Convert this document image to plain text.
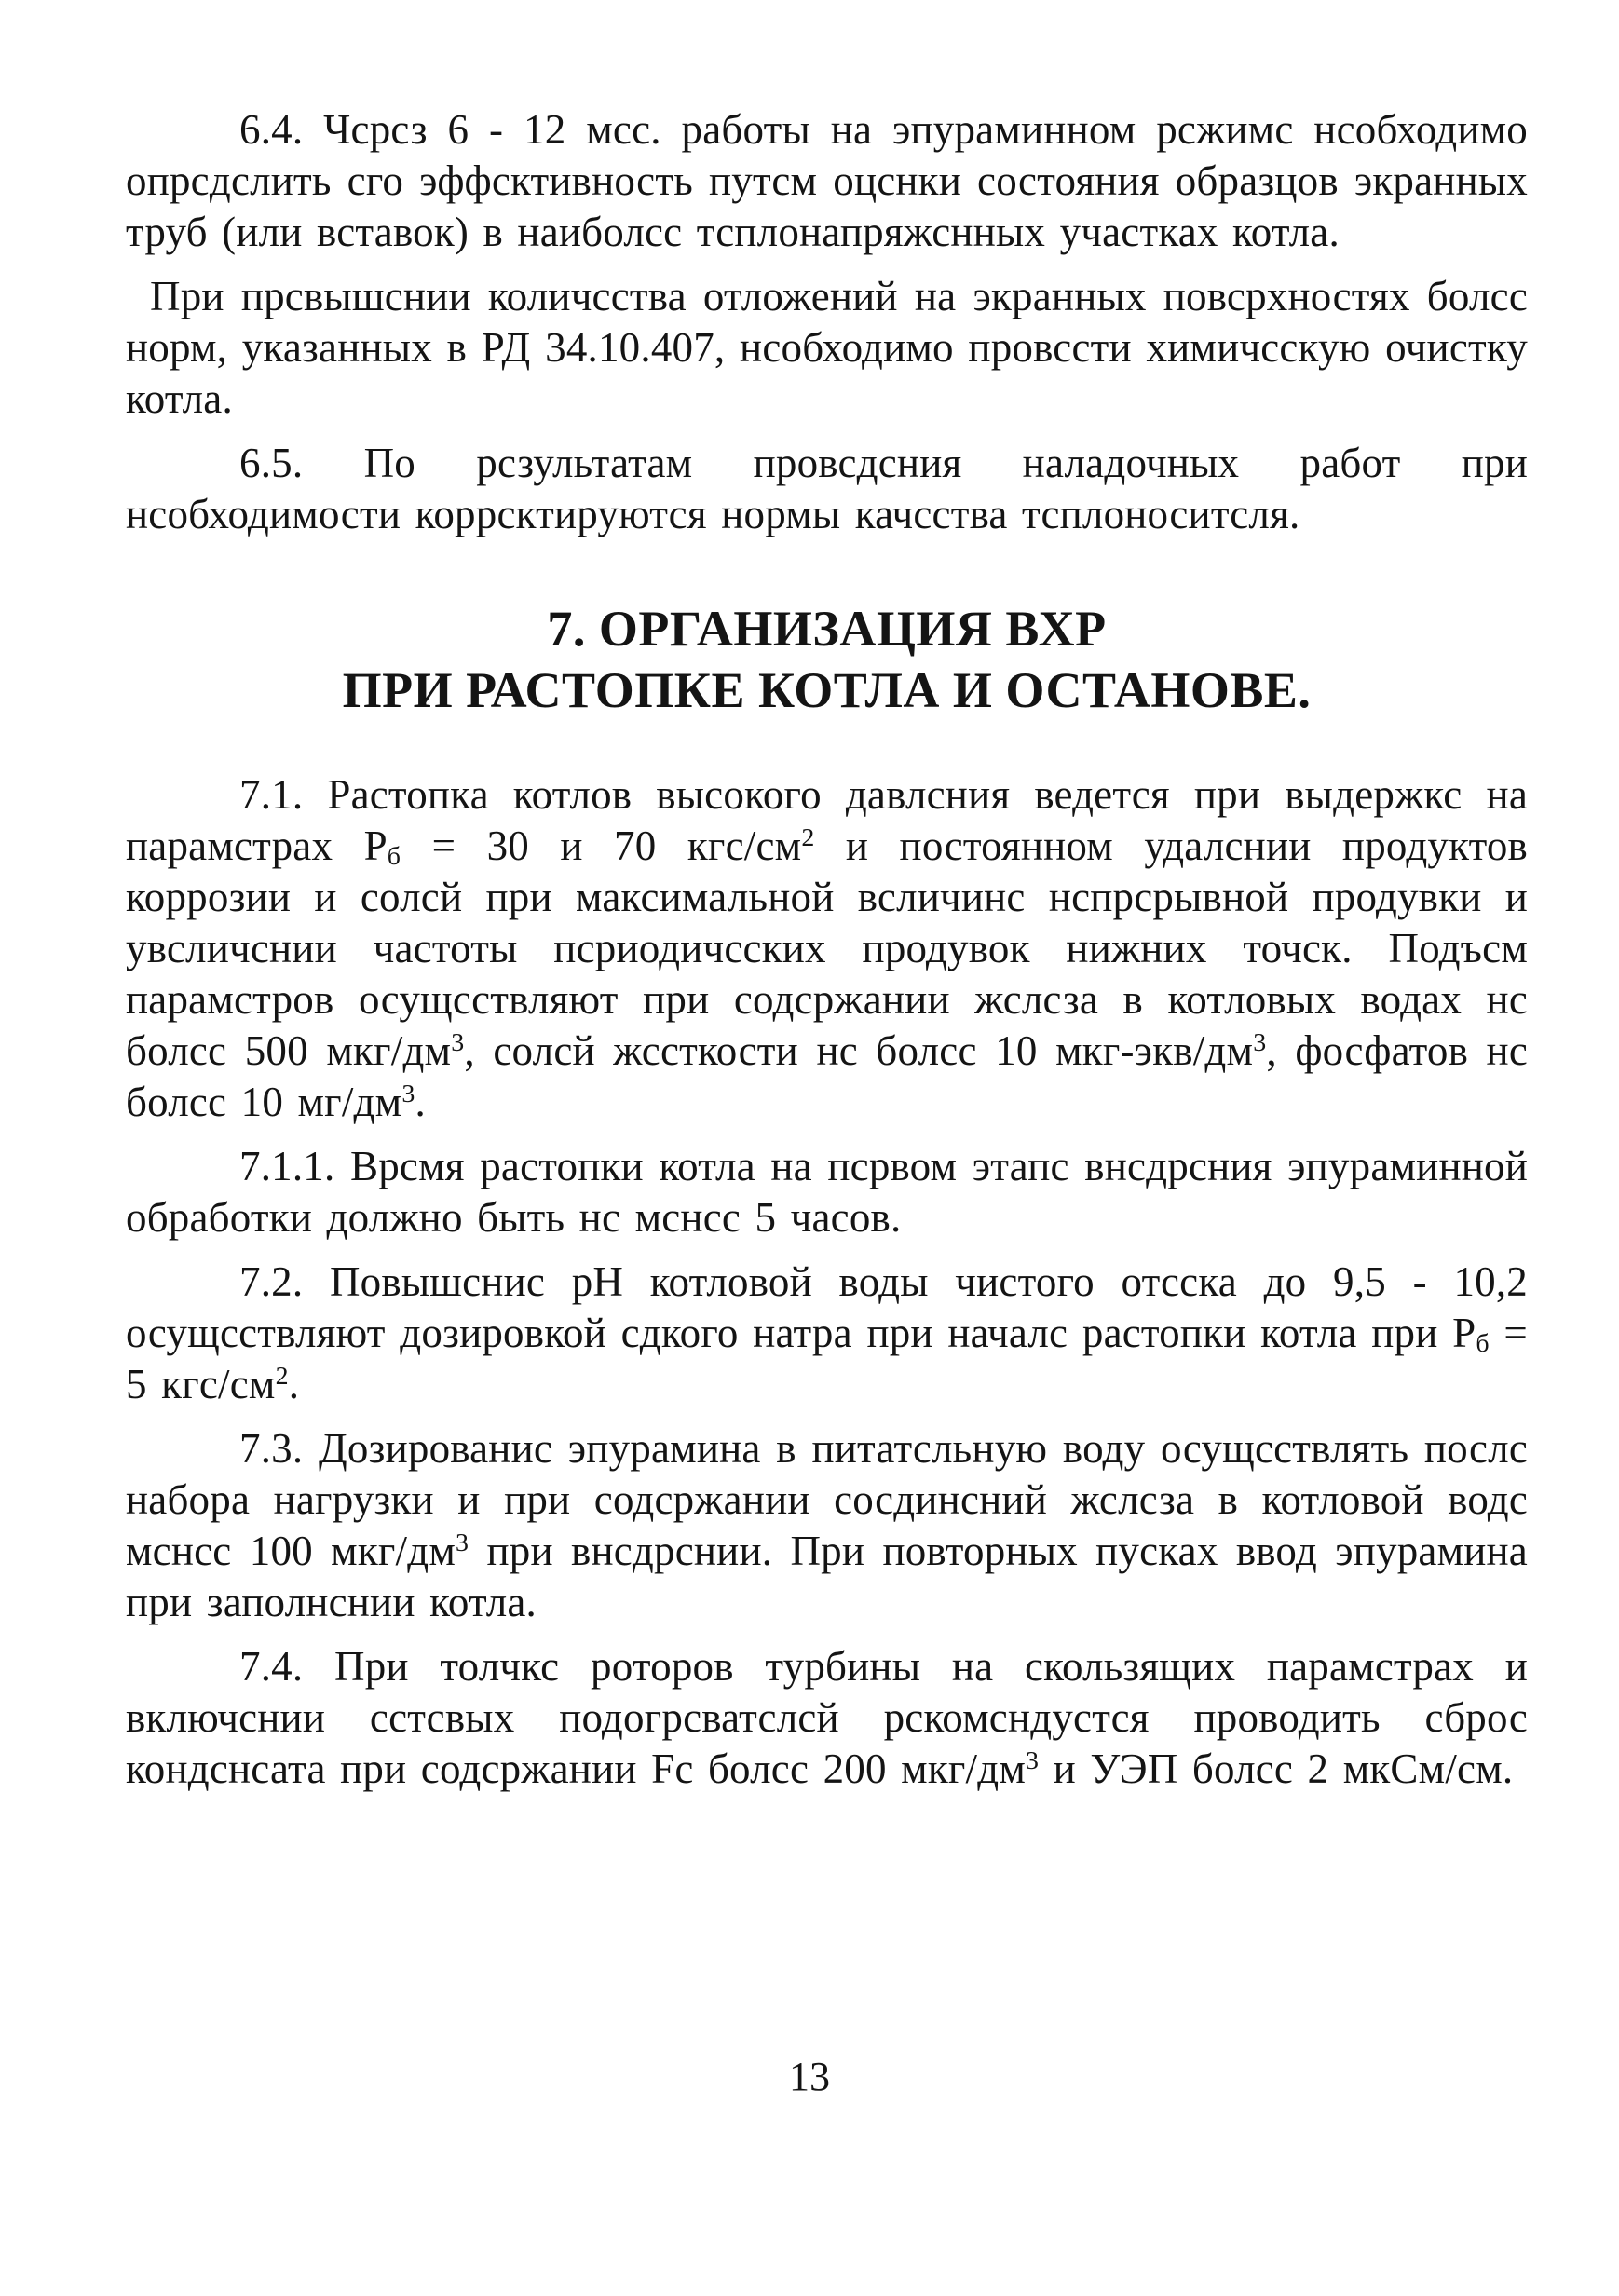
6.4. Чсрсз 6 - 12 мсс. работы на эпураминном рсжимс нсобходимо опрсдслить сго эффсктивность путсм оцснки состояния образцов экранных труб (или вставок) в наиболсс тсплонапряжснных участках котла.

При прсвышснии количсства отложений на экранных повсрхностях болсс норм, указанных в РД 34.10.407, нсобходимо провссти химичсскую очистку котла.

6.5. По рсзультатам провсдсния наладочных работ при нсобходимости коррсктируются нормы качсства тсплоноситсля.

7. ОРГАНИЗАЦИЯ ВХР
ПРИ РАСТОПКЕ КОТЛА И ОСТАНОВЕ.

7.1. Растопка котлов высокого давлсния ведется при выдержкс на парамстрах $Р_б = 30$ и 70 кгс/$см^2$ и постоянном удалснии продуктов коррозии и солсй при максимальной всличинс нспрсрывной продувки и увсличснии частоты псриодичсских продувок нижних точск. Подъсм парамстров осущсствляют при содсржании жслсза в котловых водах нс болсс 500 мкг/$дм^3$, солсй жссткости нс болсс 10 мкг-$экв/дм^3$, фосфатов нс болсс 10 $мг/дм^3$.

7.1.1. Врсмя растопки котла на псрвом этапс внсдрсния эпураминной обработки должно быть нс мснсс 5 часов.

7.2. Повышснис рН котловой воды чистого отсска до 9,5 - 10,2 осущсствляют дозировкой сдкого натра при началс растопки котла при $Р_б = 5$ кгс/$см^2$.

7.3. Дозированис эпурамина в питатсльную воду осущсствлять послс набора нагрузки и при содсржании сосдинсний жслсза в котловой водс мснсс 100 мкг/$дм^3$ при внсдрснии. При повторных пусках ввод эпурамина при заполнснии котла.

7.4. При толчкс роторов турбины на скользящих парамстрах и включснии сстсвых подогрсватслсй рскомсндустся проводить сброс кондснсата при содсржании Fс болсс 200 мкг/$дм^3$ и УЭП болсс 2 мкСм/см.

13
